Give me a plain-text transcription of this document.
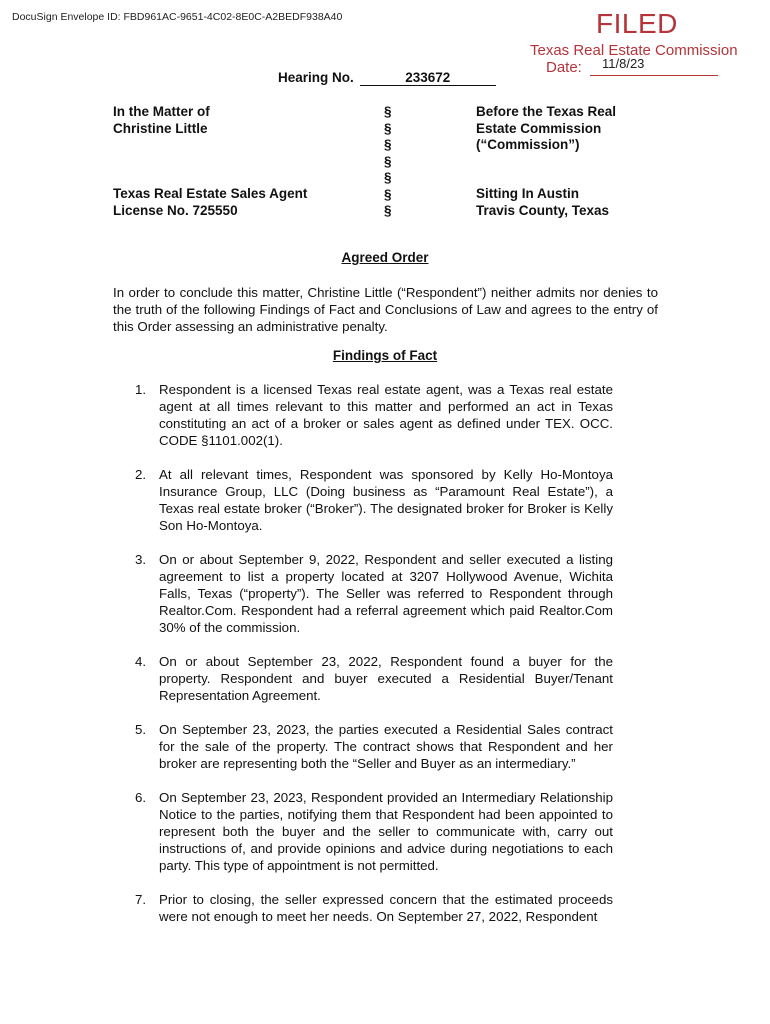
DocuSign Envelope ID: FBD961AC-9651-4C02-8E0C-A2BEDF938A40	FILED
Texas Real Estate Commission
Date: 11/8/23
Hearing No.	233672
In the Matter of
Christine Little
Texas Real Estate Sales Agent
License No. 725550
§
§
§
§
§
§
§
Before the Texas Real
Estate Commission
(“Commission”)
Sitting In Austin
Travis County, Texas
Agreed Order

In order to conclude this matter, Christine Little (“Respondent”) neither admits nor denies to the truth of the following Findings of Fact and Conclusions of Law and agrees to the entry of this Order assessing an administrative penalty.

Findings of Fact
1. Respondent is a licensed Texas real estate agent, was a Texas real estate agent at all times relevant to this matter and performed an act in Texas constituting an act of a broker or sales agent as defined under TEX. OCC. CODE §1101.002(1).
2. At all relevant times, Respondent was sponsored by Kelly Ho-Montoya Insurance Group, LLC (Doing business as “Paramount Real Estate”), a Texas real estate broker (“Broker”). The designated broker for Broker is Kelly Son Ho-Montoya.
3. On or about September 9, 2022, Respondent and seller executed a listing agreement to list a property located at 3207 Hollywood Avenue, Wichita Falls, Texas (“property”). The Seller was referred to Respondent through Realtor.Com. Respondent had a referral agreement which paid Realtor.Com 30% of the commission.
4. On or about September 23, 2022, Respondent found a buyer for the property. Respondent and buyer executed a Residential Buyer/Tenant Representation Agreement.
5. On September 23, 2023, the parties executed a Residential Sales contract for the sale of the property. The contract shows that Respondent and her broker are representing both the “Seller and Buyer as an intermediary.”
6. On September 23, 2023, Respondent provided an Intermediary Relationship Notice to the parties, notifying them that Respondent had been appointed to represent both the buyer and the seller to communicate with, carry out instructions of, and provide opinions and advice during negotiations to each party. This type of appointment is not permitted.
7. Prior to closing, the seller expressed concern that the estimated proceeds were not enough to meet her needs. On September 27, 2022, Respondent
